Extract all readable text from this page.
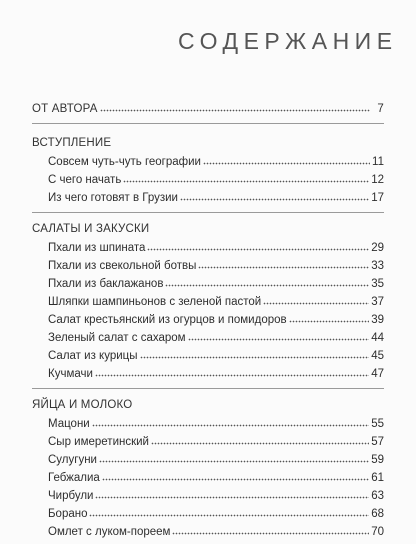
СОДЕРЖАНИЕ
ОТ АВТОРА	7
ВСТУПЛЕНИЕ
Совсем чуть-чуть географии	11
С чего начать	12
Из чего готовят в Грузии	17
САЛАТЫ И ЗАКУСКИ
Пхали из шпината	29
Пхали из свекольной ботвы	33
Пхали из баклажанов	35
Шляпки шампиньонов с зеленой пастой	37
Салат крестьянский из огурцов и помидоров	39
Зеленый салат с сахаром	44
Салат из курицы	45
Кучмачи	47
ЯЙЦА И МОЛОКО
Мацони	55
Сыр имеретинский	57
Сулугуни	59
Гебжалиа	61
Чирбули	63
Борано	68
Омлет с луком-пореем	70
